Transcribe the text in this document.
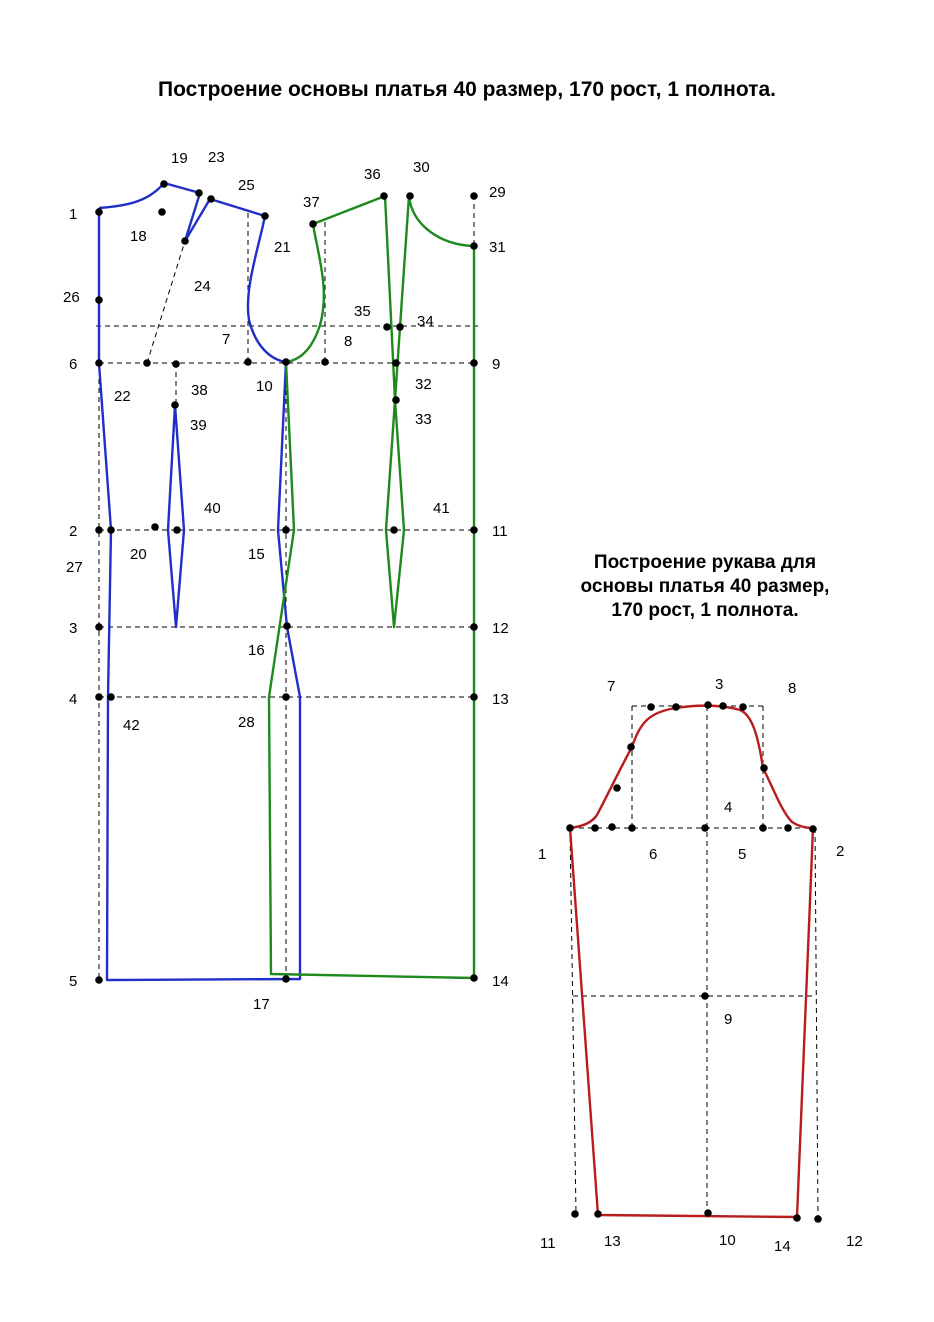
Построение основы платья 40 размер, 170 рост, 1 полнота.
Построение рукава для
основы платья 40 размер,
170 рост, 1 полнота.
1
2
3
4
5
6
7	8
9
10
11
12
13
14
15
16
17
18
19
20
21
22
23
24
25
26
27
28
29
30
31
32
33
34
35
36
37
38
39
40	41
42
1	2
3
4
5
6
7	8
9
10
11	12
13	14
